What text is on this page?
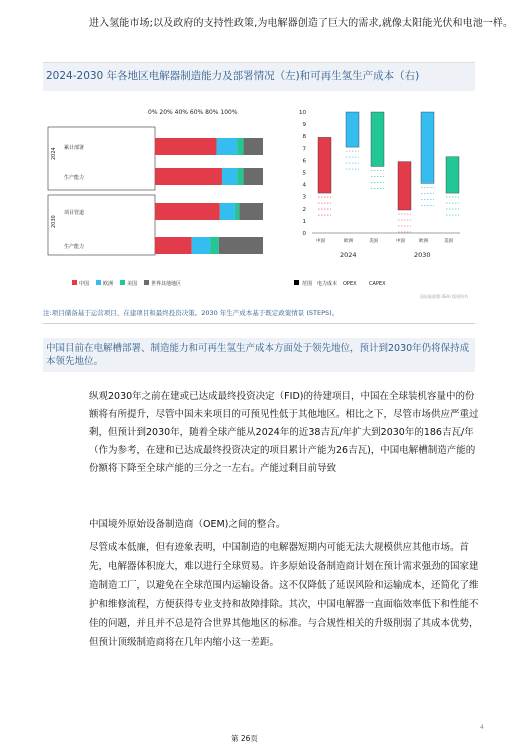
进入氢能市场;以及政府的支持性政策,为电解器创造了巨大的需求,就像太阳能光伏和电池一样。
2024-2030 年各地区电解器制造能力及部署情况（左)和可再生氢生产成本（右)
0% 20% 40% 60% 80% 100%
2024
2030
累计部署
生产能力
项目管道
生产能力
中国	欧洲	美国	世界其他地区
0
1
2
3
4
5
6
7
8
9
10
中国	欧洲	美国	中国	欧洲	美国
2024	2030
范围 电力成本 OPEX CAPEX
国际能源署 (IEA) 版权所有
注:项目储备基于运营项目、在建项目和最终投资决策。2030 年生产成本基于既定政策情景 (STEPS)。
中国目前在电解槽部署、制造能力和可再生氢生产成本方面处于领先地位，预计到2030年仍将保持成本领先地位。
纵观2030年之前在建或已达成最终投资决定（FID)的待建项目，中国在全球装机容量中的份额将有所提升，尽管中国未来项目的可预见性低于其他地区。相比之下，尽管市场供应严重过剩，但预计到2030年，随着全球产能从2024年的近38吉瓦/年扩大到2030年的186吉瓦/年（作为参考，在建和已达成最终投资决定的项目累计产能为26吉瓦)，中国电解槽制造产能的份额将下降至全球产能的三分之一左右。产能过剩目前导致
中国境外原始设备制造商（OEM)之间的整合。
尽管成本低廉，但有迹象表明，中国制造的电解器短期内可能无法大规模供应其他市场。首先，电解器体积庞大，难以进行全球贸易。许多原始设备制造商计划在预计需求强劲的国家建造制造工厂，以避免在全球范围内运输设备。这不仅降低了延误风险和运输成本，还简化了维护和维修流程，方便获得专业支持和故障排除。其次，中国电解器一直面临效率低下和性能不佳的问题，并且并不总是符合世界其他地区的标准。与合规性相关的升级削弱了其成本优势，但预计顶级制造商将在几年内缩小这一差距。
第 26页
4
